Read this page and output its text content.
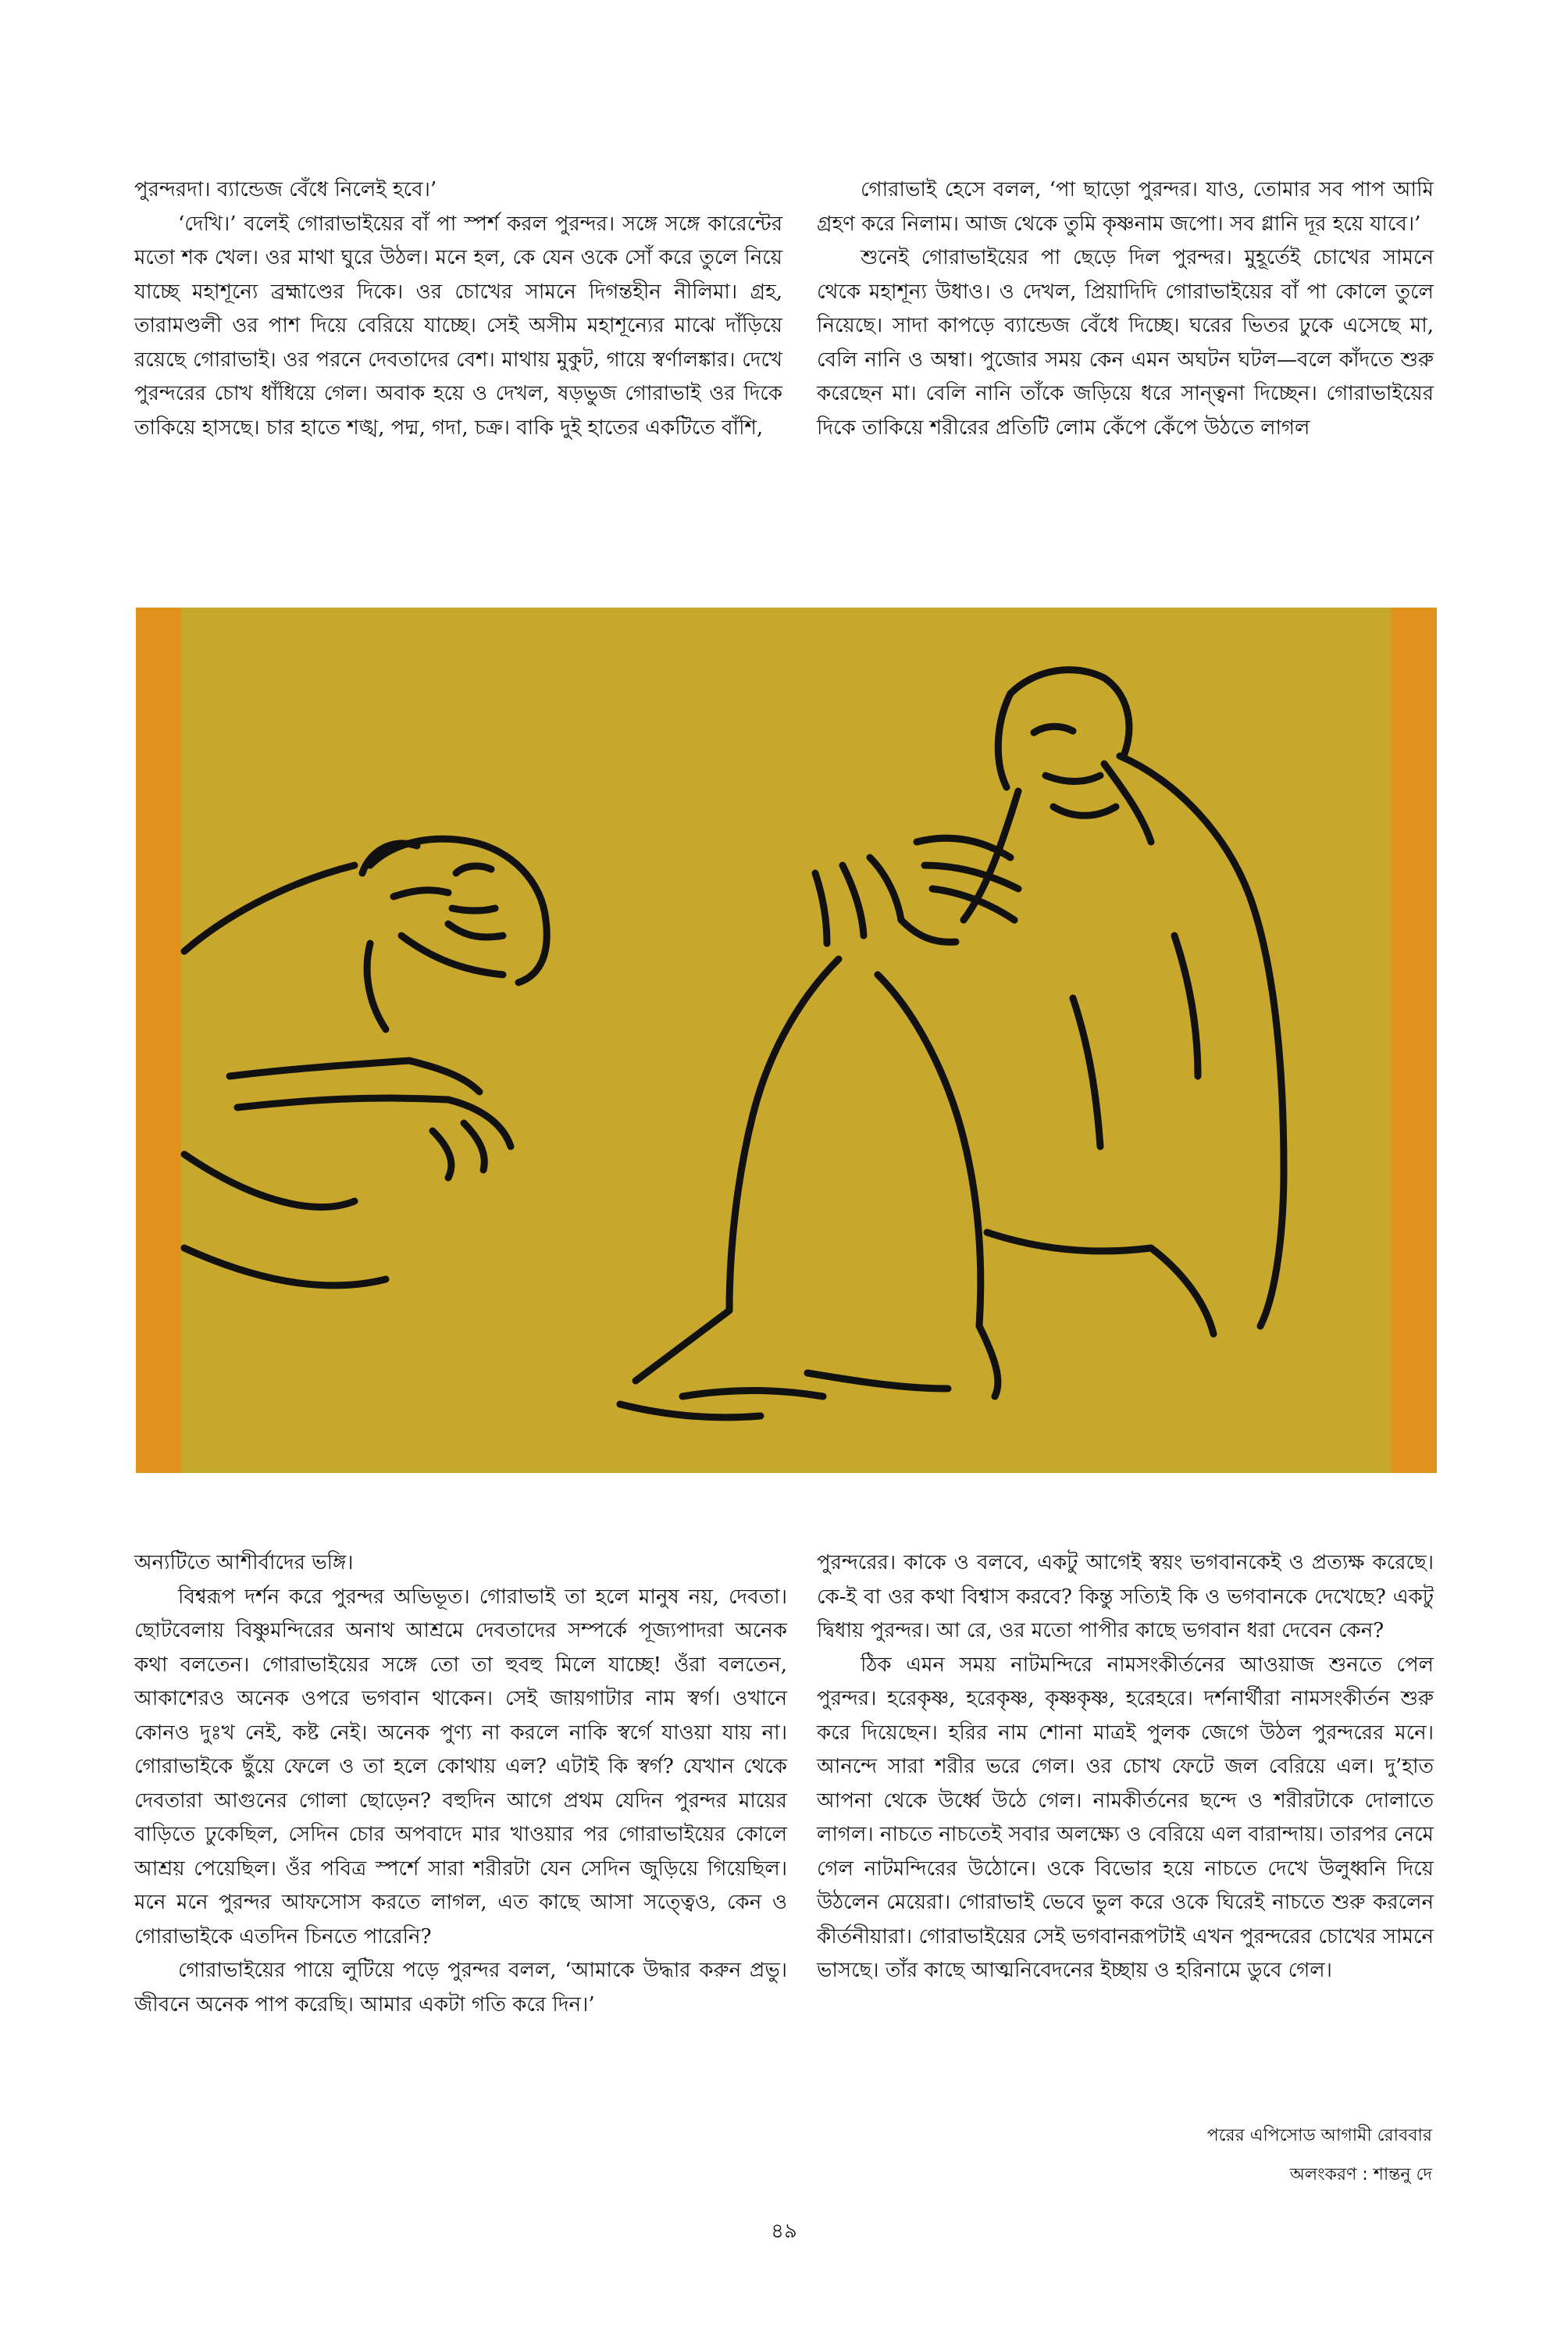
পুরন্দরদা। ব্যান্ডেজ বেঁধে নিলেই হবে।’

‘দেখি।’ বলেই গোরাভাইয়ের বাঁ পা স্পর্শ করল পুরন্দর। সঙ্গে সঙ্গে কারেন্টের মতো শক খেল। ওর মাথা ঘুরে উঠল। মনে হল, কে যেন ওকে সোঁ করে তুলে নিয়ে যাচ্ছে মহাশূন্যে ব্রহ্মাণ্ডের দিকে। ওর চোখের সামনে দিগন্তহীন নীলিমা। গ্রহ, তারামণ্ডলী ওর পাশ দিয়ে বেরিয়ে যাচ্ছে। সেই অসীম মহাশূন্যের মাঝে দাঁড়িয়ে রয়েছে গোরাভাই। ওর পরনে দেবতাদের বেশ। মাথায় মুকুট, গায়ে স্বর্ণালঙ্কার। দেখে পুরন্দরের চোখ ধাঁধিয়ে গেল। অবাক হয়ে ও দেখল, ষড়ভুজ গোরাভাই ওর দিকে তাকিয়ে হাসছে। চার হাতে শঙ্খ, পদ্ম, গদা, চক্র। বাকি দুই হাতের একটিতে বাঁশি,

গোরাভাই হেসে বলল, ‘পা ছাড়ো পুরন্দর। যাও, তোমার সব পাপ আমি গ্রহণ করে নিলাম। আজ থেকে তুমি কৃষ্ণনাম জপো। সব গ্লানি দূর হয়ে যাবে।’

শুনেই গোরাভাইয়ের পা ছেড়ে দিল পুরন্দর। মুহূর্তেই চোখের সামনে থেকে মহাশূন্য উধাও। ও দেখল, প্রিয়াদিদি গোরাভাইয়ের বাঁ পা কোলে তুলে নিয়েছে। সাদা কাপড়ে ব্যান্ডেজ বেঁধে দিচ্ছে। ঘরের ভিতর ঢুকে এসেছে মা, বেলি নানি ও অম্বা। পুজোর সময় কেন এমন অঘটন ঘটল—বলে কাঁদতে শুরু করেছেন মা। বেলি নানি তাঁকে জড়িয়ে ধরে সান্ত্বনা দিচ্ছেন। গোরাভাইয়ের দিকে তাকিয়ে শরীরের প্রতিটি লোম কেঁপে কেঁপে উঠতে লাগল

অন্যটিতে আশীর্বাদের ভঙ্গি।

বিশ্বরূপ দর্শন করে পুরন্দর অভিভূত। গোরাভাই তা হলে মানুষ নয়, দেবতা। ছোটবেলায় বিষ্ণুমন্দিরের অনাথ আশ্রমে দেবতাদের সম্পর্কে পূজ্যপাদরা অনেক কথা বলতেন। গোরাভাইয়ের সঙ্গে তো তা হুবহু মিলে যাচ্ছে! ওঁরা বলতেন, আকাশেরও অনেক ওপরে ভগবান থাকেন। সেই জায়গাটার নাম স্বর্গ। ওখানে কোনও দুঃখ নেই, কষ্ট নেই। অনেক পুণ্য না করলে নাকি স্বর্গে যাওয়া যায় না। গোরাভাইকে ছুঁয়ে ফেলে ও তা হলে কোথায় এল? এটাই কি স্বর্গ? যেখান থেকে দেবতারা আগুনের গোলা ছোড়েন? বহুদিন আগে প্রথম যেদিন পুরন্দর মায়ের বাড়িতে ঢুকেছিল, সেদিন চোর অপবাদে মার খাওয়ার পর গোরাভাইয়ের কোলে আশ্রয় পেয়েছিল। ওঁর পবিত্র স্পর্শে সারা শরীরটা যেন সেদিন জুড়িয়ে গিয়েছিল। মনে মনে পুরন্দর আফসোস করতে লাগল, এত কাছে আসা সত্ত্বেও, কেন ও গোরাভাইকে এতদিন চিনতে পারেনি?

গোরাভাইয়ের পায়ে লুটিয়ে পড়ে পুরন্দর বলল, ‘আমাকে উদ্ধার করুন প্রভু। জীবনে অনেক পাপ করেছি। আমার একটা গতি করে দিন।’

পুরন্দরের। কাকে ও বলবে, একটু আগেই স্বয়ং ভগবানকেই ও প্রত্যক্ষ করেছে। কে-ই বা ওর কথা বিশ্বাস করবে? কিন্তু সত্যিই কি ও ভগবানকে দেখেছে? একটু দ্বিধায় পুরন্দর। আ রে, ওর মতো পাপীর কাছে ভগবান ধরা দেবেন কেন?

ঠিক এমন সময় নাটমন্দিরে নামসংকীর্তনের আওয়াজ শুনতে পেল পুরন্দর। হরেকৃষ্ণ, হরেকৃষ্ণ, কৃষ্ণকৃষ্ণ, হরেহরে। দর্শনার্থীরা নামসংকীর্তন শুরু করে দিয়েছেন। হরির নাম শোনা মাত্রই পুলক জেগে উঠল পুরন্দরের মনে। আনন্দে সারা শরীর ভরে গেল। ওর চোখ ফেটে জল বেরিয়ে এল। দু’হাত আপনা থেকে উর্ধ্বে উঠে গেল। নামকীর্তনের ছন্দে ও শরীরটাকে দোলাতে লাগল। নাচতে নাচতেই সবার অলক্ষ্যে ও বেরিয়ে এল বারান্দায়। তারপর নেমে গেল নাটমন্দিরের উঠোনে। ওকে বিভোর হয়ে নাচতে দেখে উলুধ্বনি দিয়ে উঠলেন মেয়েরা। গোরাভাই ভেবে ভুল করে ওকে ঘিরেই নাচতে শুরু করলেন কীর্তনীয়ারা। গোরাভাইয়ের সেই ভগবানরূপটাই এখন পুরন্দরের চোখের সামনে ভাসছে। তাঁর কাছে আত্মনিবেদনের ইচ্ছায় ও হরিনামে ডুবে গেল।

পরের এপিসোড আগামী রোববার
অলংকরণ : শান্তনু দে
৪৯
